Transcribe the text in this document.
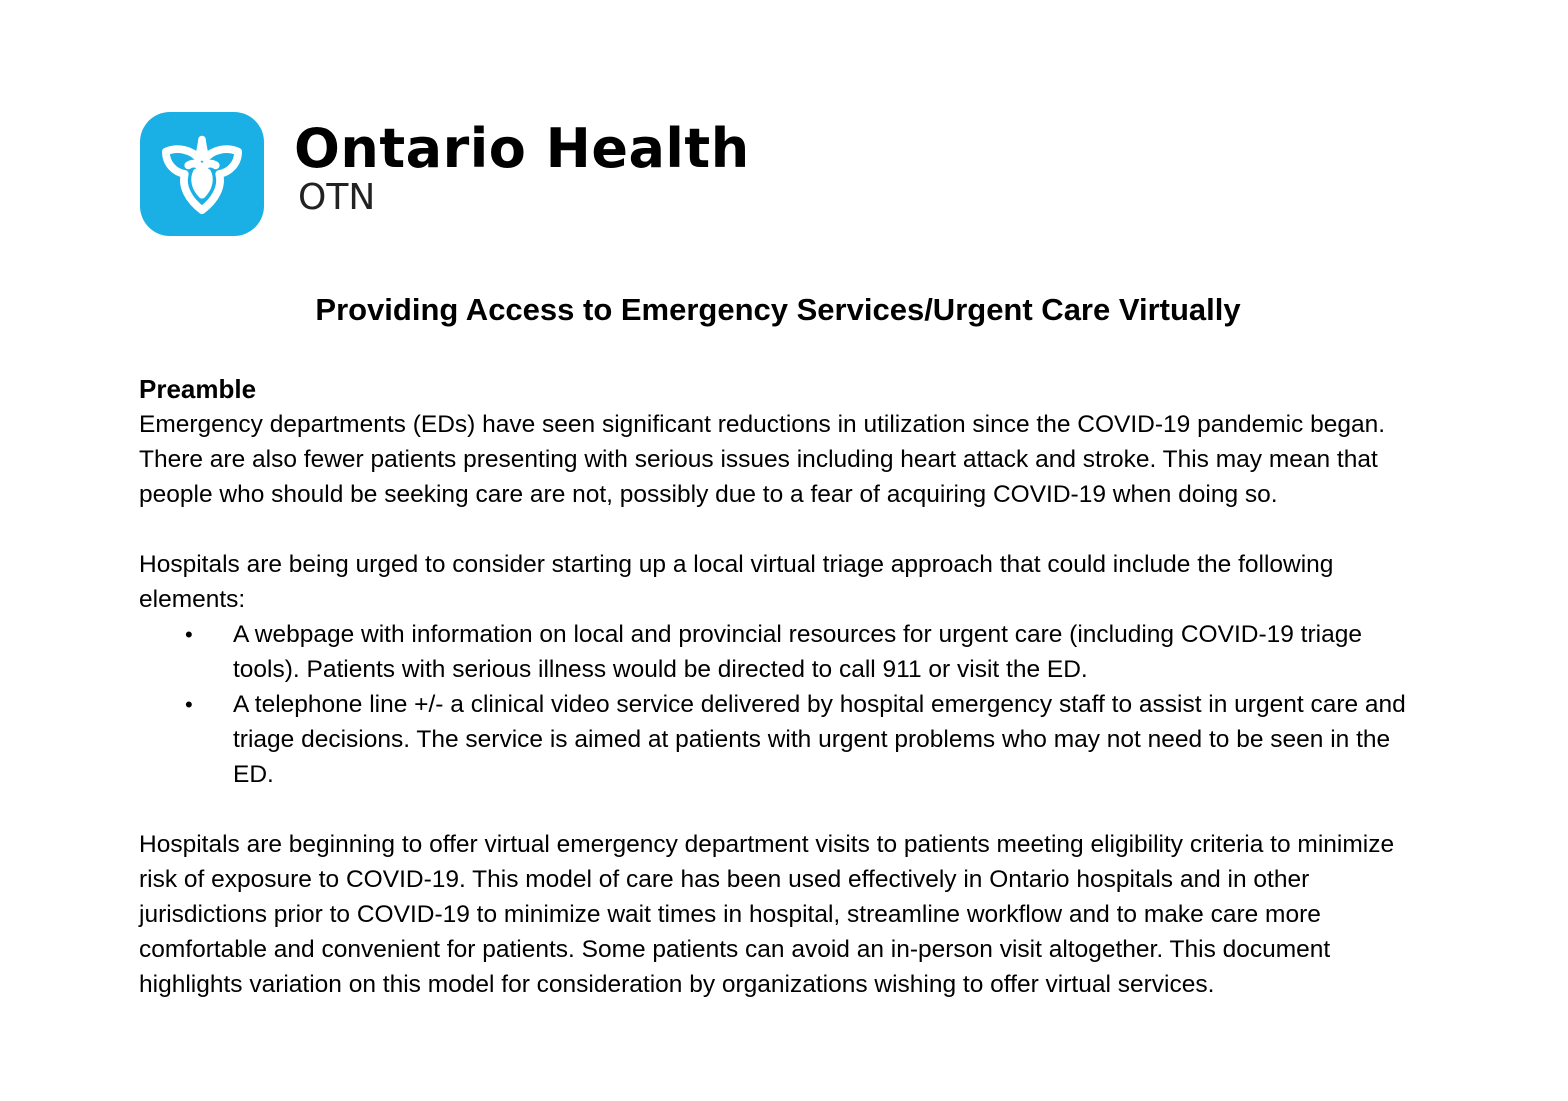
Ontario Health
OTN
Providing Access to Emergency Services/Urgent Care Virtually
Preamble

Emergency departments (EDs) have seen significant reductions in utilization since the COVID-19 pandemic began. There are also fewer patients presenting with serious issues including heart attack and stroke. This may mean that people who should be seeking care are not, possibly due to a fear of acquiring COVID-19 when doing so.

Hospitals are being urged to consider starting up a local virtual triage approach that could include the following elements:

• A webpage with information on local and provincial resources for urgent care (including COVID-19 triage tools). Patients with serious illness would be directed to call 911 or visit the ED.
• A telephone line +/- a clinical video service delivered by hospital emergency staff to assist in urgent care and triage decisions. The service is aimed at patients with urgent problems who may not need to be seen in the ED.

Hospitals are beginning to offer virtual emergency department visits to patients meeting eligibility criteria to minimize risk of exposure to COVID-19. This model of care has been used effectively in Ontario hospitals and in other jurisdictions prior to COVID-19 to minimize wait times in hospital, streamline workflow and to make care more comfortable and convenient for patients. Some patients can avoid an in-person visit altogether. This document highlights variation on this model for consideration by organizations wishing to offer virtual services.
